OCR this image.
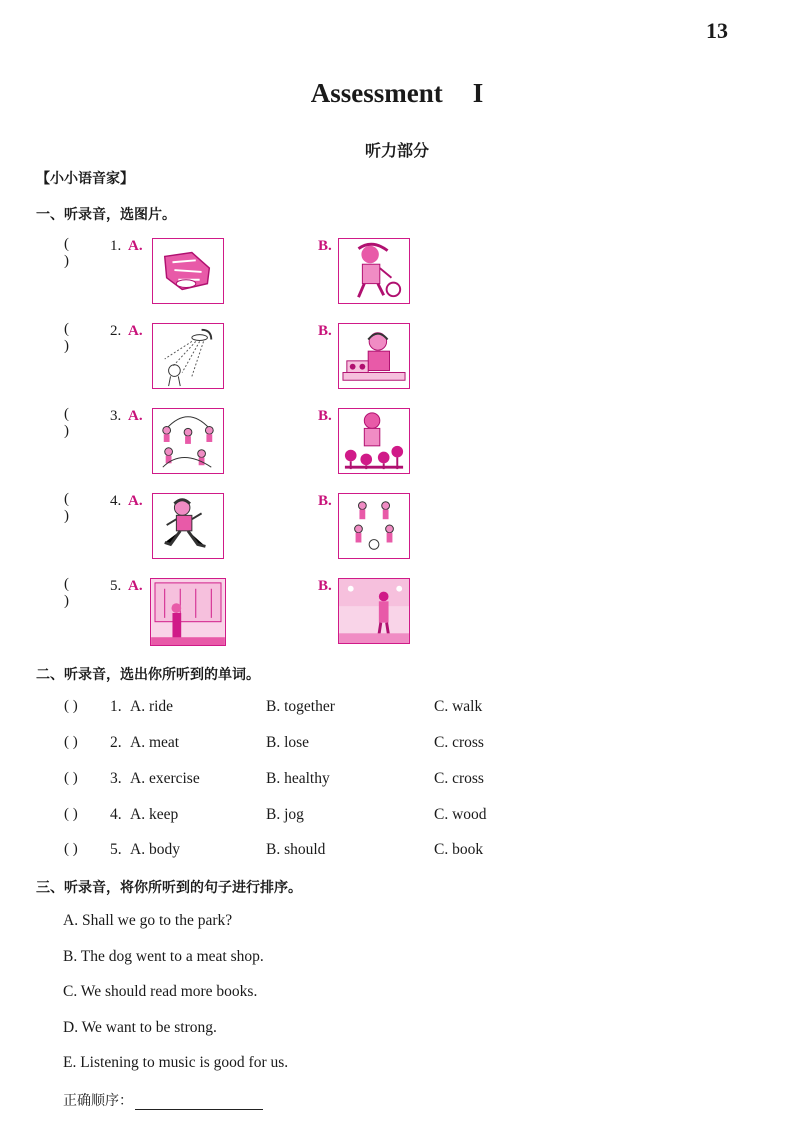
13
Assessment I
听力部分
【小小语音家】
一、听录音，选图片。
( )
1. A.	B.
( )
2. A.	B.
( )
3. A.	B.
( )
4. A.	B.
( )
5. A.	B.
二、听录音，选出你所听到的单词。
( ) 1. A. ride	B. together	C. walk
( ) 2. A. meat	B. lose	C. cross
( ) 3. A. exercise	B. healthy	C. cross
( ) 4. A. keep	B. jog	C. wood
( ) 5. A. body	B. should	C. book
三、听录音，将你所听到的句子进行排序。
A. Shall we go to the park?
B. The dog went to a meat shop.
C. We should read more books.
D. We want to be strong.
E. Listening to music is good for us.
正确顺序：
